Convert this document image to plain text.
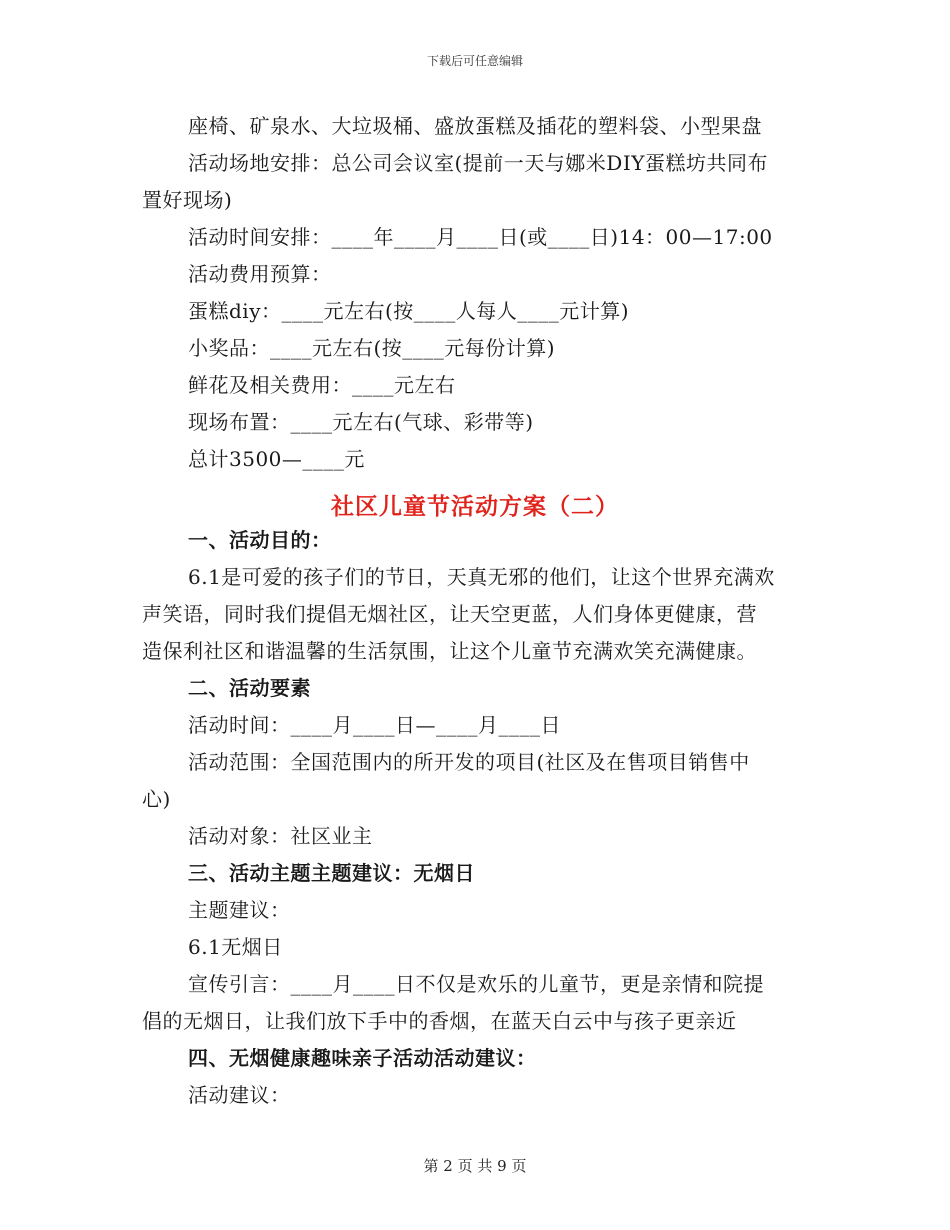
下载后可任意编辑
座椅、矿泉水、大垃圾桶、盛放蛋糕及插花的塑料袋、小型果盘
活动场地安排：总公司会议室(提前一天与娜米DIY蛋糕坊共同布
置好现场)
活动时间安排：____年____月____日(或____日)14：00—17:00
活动费用预算：
蛋糕diy：____元左右(按____人每人____元计算)
小奖品：____元左右(按____元每份计算)
鲜花及相关费用：____元左右
现场布置：____元左右(气球、彩带等)
总计3500—____元
社区儿童节活动方案（二）
一、活动目的：
6.1是可爱的孩子们的节日，天真无邪的他们，让这个世界充满欢
声笑语，同时我们提倡无烟社区，让天空更蓝，人们身体更健康，营
造保利社区和谐温馨的生活氛围，让这个儿童节充满欢笑充满健康。
二、活动要素
活动时间：____月____日—____月____日
活动范围：全国范围内的所开发的项目(社区及在售项目销售中
心)
活动对象：社区业主
三、活动主题主题建议：无烟日
主题建议：
6.1无烟日
宣传引言：____月____日不仅是欢乐的儿童节，更是亲情和院提
倡的无烟日，让我们放下手中的香烟，在蓝天白云中与孩子更亲近
四、无烟健康趣味亲子活动活动建议：
活动建议：
第 2 页 共 9 页
